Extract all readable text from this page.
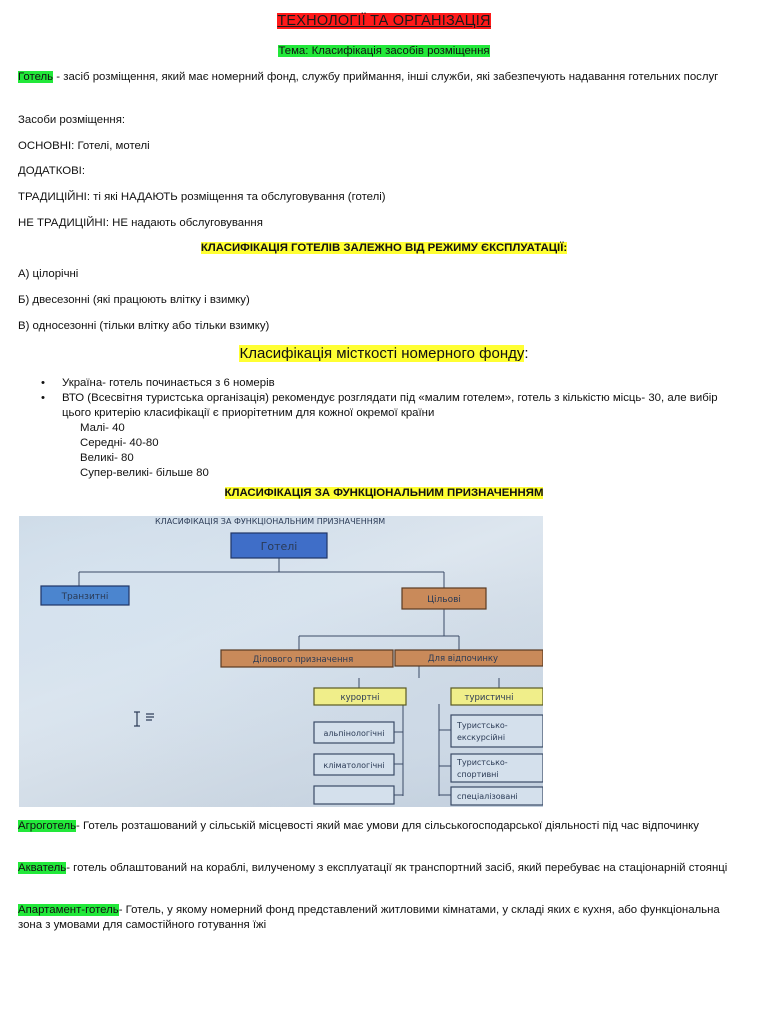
ТЕХНОЛОГІЇ ТА ОРГАНІЗАЦІЯ
Тема: Класифікація засобів розміщення
Готель - засіб розміщення, який має номерний фонд, службу приймання, інші служби, які забезпечують надавання готельних послуг
Засоби розміщення:
ОСНОВНІ: Готелі, мотелі
ДОДАТКОВІ:
ТРАДИЦІЙНІ: ті які НАДАЮТЬ розміщення та обслуговування (готелі)
НЕ ТРАДИЦІЙНІ: НЕ надають обслуговування
КЛАСИФІКАЦІЯ ГОТЕЛІВ ЗАЛЕЖНО ВІД РЕЖИМУ ЄКСПЛУАТАЦІЇ:
А) цілорічні
Б) двесезонні (які працюють влітку і взимку)
В) односезонні (тільки влітку або тільки взимку)
Класифікація місткості номерного фонду:
• Україна- готель починається з 6 номерів
• ВТО (Всесвітня туристська організація) рекомендує розглядати під «малим готелем», готель з кількістю місць- 30, але вибір цього критерію класифікації є приорітетним для кожної окремої країни
Малі- 40
Середні- 40-80
Великі- 80
Супер-великі- більше 80
КЛАСИФІКАЦІЯ ЗА ФУНКЦІОНАЛЬНИМ ПРИЗНАЧЕННЯМ
КЛАСИФІКАЦІЯ ЗА ФУНКЦІОНАЛЬНИМ ПРИЗНАЧЕННЯМ
Готелі
Транзитні	Цільові
Ділового призначення	Для відпочинку
курортні	туристичні
альпінологічні
кліматологічні
Туристсько-
екскурсійні
Туристсько-
спортивні
спеціалізовані
Агроготель- Готель розташований у сільській місцевості який має умови для сільськогосподарської діяльності під час відпочинку
Акватель- готель облаштований на кораблі, вилученому з експлуатації як транспортний засіб, який перебуває на стаціонарній стоянці
Апартамент-готель- Готель, у якому номерний фонд представлений житловими кімнатами, у складі яких є кухня, або функціональна зона з умовами для самостійного готування їжі
